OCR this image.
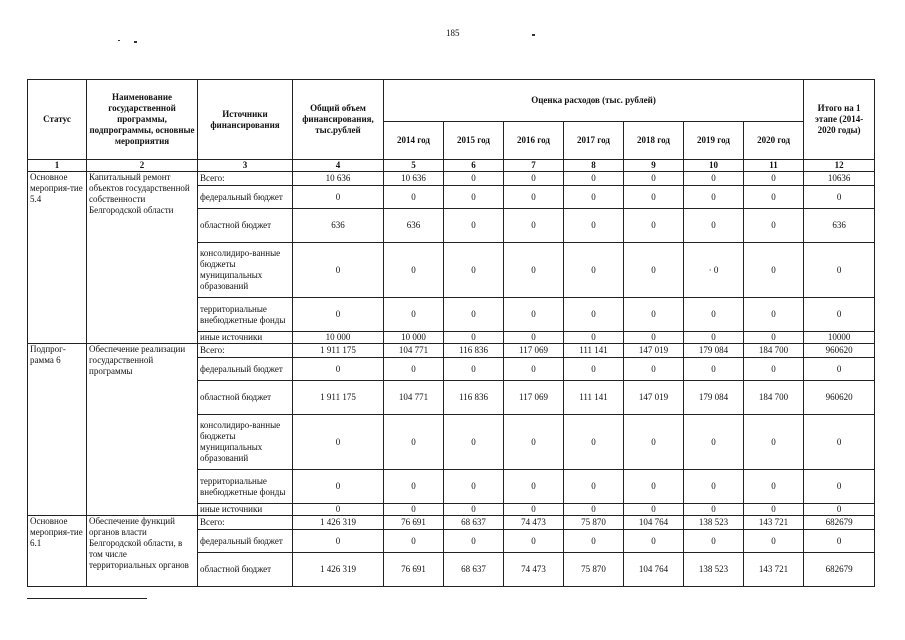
185
Статус	Наименование государственной программы, подпрограммы, основные мероприятия	Источники финансирования	Общий объем финансирования, тыс.рублей	Оценка расходов (тыс. рублей)							Итого на 1 этапе (2014-2020 годы)
				2014 год	2015 год	2016 год	2017 год	2018 год	2019 год	2020 год	
1	2	3	4	5	6	7	8	9	10	11	12
Основное мероприя-тие 5.4	Капитальный ремонт объектов государственной собственности Белгородской области	Всего:	10 636	10 636	0	0	0	0	0	0	10636
		федеральный бюджет	0	0	0	0	0	0	0	0	0
		областной бюджет	636	636	0	0	0	0	0	0	636
		консолидиро-ванные бюджеты муниципальных образований	0	0	0	0	0	0	· 0	0	0
		территориальные внебюджетные фонды	0	0	0	0	0	0	0	0	0
		иные источники	10 000	10 000	0	0	0	0	0	0	10000
Подпрог-рамма 6	Обеспечение реализации государственной программы	Всего:	1 911 175	104 771	116 836	117 069	111 141	147 019	179 084	184 700	960620
		федеральный бюджет	0	0	0	0	0	0	0	0	0
		областной бюджет	1 911 175	104 771	116 836	117 069	111 141	147 019	179 084	184 700	960620
		консолидиро-ванные бюджеты муниципальных образований	0	0	0	0	0	0	0	0	0
		территориальные внебюджетные фонды	0	0	0	0	0	0	0	0	0
		иные источники	0	0	0	0	0	0	0	0	0
Основное мероприя-тие 6.1	Обеспечение функций органов власти Белгородской области, в том числе территориальных органов	Всего:	1 426 319	76 691	68 637	74 473	75 870	104 764	138 523	143 721	682679
		федеральный бюджет	0	0	0	0	0	0	0	0	0
		областной бюджет	1 426 319	76 691	68 637	74 473	75 870	104 764	138 523	143 721	682679
